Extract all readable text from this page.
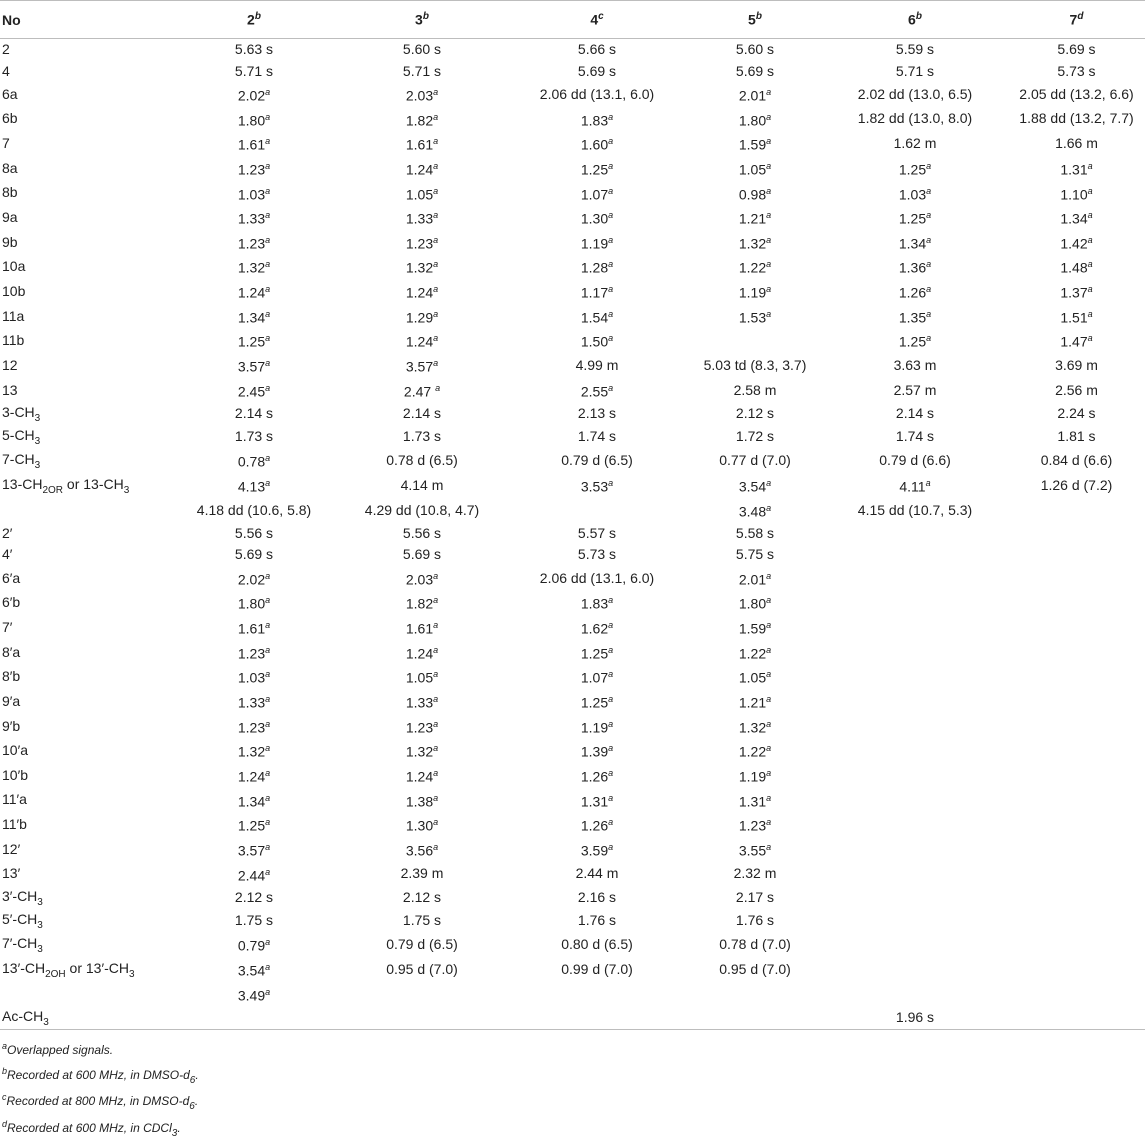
No	2$^b$	3$^b$	4$^c$	5$^b$	6$^b$	7$^d$
2	5.63 s	5.60 s	5.66 s	5.60 s	5.59 s	5.69 s
4	5.71 s	5.71 s	5.69 s	5.69 s	5.71 s	5.73 s
6a	2.02$^a$	2.03$^a$	2.06 dd (13.1, 6.0)	2.01$^a$	2.02 dd (13.0, 6.5)	2.05 dd (13.2, 6.6)
6b	1.80$^a$	1.82$^a$	1.83$^a$	1.80$^a$	1.82 dd (13.0, 8.0)	1.88 dd (13.2, 7.7)
7	1.61$^a$	1.61$^a$	1.60$^a$	1.59$^a$	1.62 m	1.66 m
8a	1.23$^a$	1.24$^a$	1.25$^a$	1.05$^a$	1.25$^a$	1.31$^a$
8b	1.03$^a$	1.05$^a$	1.07$^a$	0.98$^a$	1.03$^a$	1.10$^a$
9a	1.33$^a$	1.33$^a$	1.30$^a$	1.21$^a$	1.25$^a$	1.34$^a$
9b	1.23$^a$	1.23$^a$	1.19$^a$	1.32$^a$	1.34$^a$	1.42$^a$
10a	1.32$^a$	1.32$^a$	1.28$^a$	1.22$^a$	1.36$^a$	1.48$^a$
10b	1.24$^a$	1.24$^a$	1.17$^a$	1.19$^a$	1.26$^a$	1.37$^a$
11a	1.34$^a$	1.29$^a$	1.54$^a$	1.53$^a$	1.35$^a$	1.51$^a$
11b	1.25$^a$	1.24$^a$	1.50$^a$		1.25$^a$	1.47$^a$
12	3.57$^a$	3.57$^a$	4.99 m	5.03 td (8.3, 3.7)	3.63 m	3.69 m
13	2.45$^a$	2.47 $^a$	2.55$^a$	2.58 m	2.57 m	2.56 m
$3-CH_3$	2.14 s	2.14 s	2.13 s	2.12 s	2.14 s	2.24 s
$5-CH_3$	1.73 s	1.73 s	1.74 s	1.72 s	1.74 s	1.81 s
$7-CH_3$	0.78$^a$	0.78 d (6.5)	0.79 d (6.5)	0.77 d (7.0)	0.79 d (6.6)	0.84 d (6.6)
$13-CH_{2OR}$ or $13-CH_3$	4.13$^a$	4.14 m	3.53$^a$	3.54$^a$	4.11$^a$	1.26 d (7.2)
	4.18 dd (10.6, 5.8)	4.29 dd (10.8, 4.7)		3.48$^a$	4.15 dd (10.7, 5.3)	
2′	5.56 s	5.56 s	5.57 s	5.58 s		
4′	5.69 s	5.69 s	5.73 s	5.75 s		
6′a	2.02$^a$	2.03$^a$	2.06 dd (13.1, 6.0)	2.01$^a$		
6′b	1.80$^a$	1.82$^a$	1.83$^a$	1.80$^a$		
7′	1.61$^a$	1.61$^a$	1.62$^a$	1.59$^a$		
8′a	1.23$^a$	1.24$^a$	1.25$^a$	1.22$^a$		
8′b	1.03$^a$	1.05$^a$	1.07$^a$	1.05$^a$		
9′a	1.33$^a$	1.33$^a$	1.25$^a$	1.21$^a$		
9′b	1.23$^a$	1.23$^a$	1.19$^a$	1.32$^a$		
10′a	1.32$^a$	1.32$^a$	1.39$^a$	1.22$^a$		
10′b	1.24$^a$	1.24$^a$	1.26$^a$	1.19$^a$		
11′a	1.34$^a$	1.38$^a$	1.31$^a$	1.31$^a$		
11′b	1.25$^a$	1.30$^a$	1.26$^a$	1.23$^a$		
12′	3.57$^a$	3.56$^a$	3.59$^a$	3.55$^a$		
13′	2.44$^a$	2.39 m	2.44 m	2.32 m		
$3'-CH_3$	2.12 s	2.12 s	2.16 s	2.17 s		
$5'-CH_3$	1.75 s	1.75 s	1.76 s	1.76 s		
$7'-CH_3$	0.79$^a$	0.79 d (6.5)	0.80 d (6.5)	0.78 d (7.0)		
$13'-CH_{2OH}$ or $13'-CH_3$	3.54$^a$	0.95 d (7.0)	0.99 d (7.0)	0.95 d (7.0)		
	3.49$^a$					
$Ac-CH_3$					1.96 s	
$^a$Overlapped signals.
$^b$Recorded at 600 MHz, in DMSO-$d_6$.
$^c$Recorded at 800 MHz, in DMSO-$d_6$.
$^d$Recorded at 600 MHz, in CDCl$_3$.
